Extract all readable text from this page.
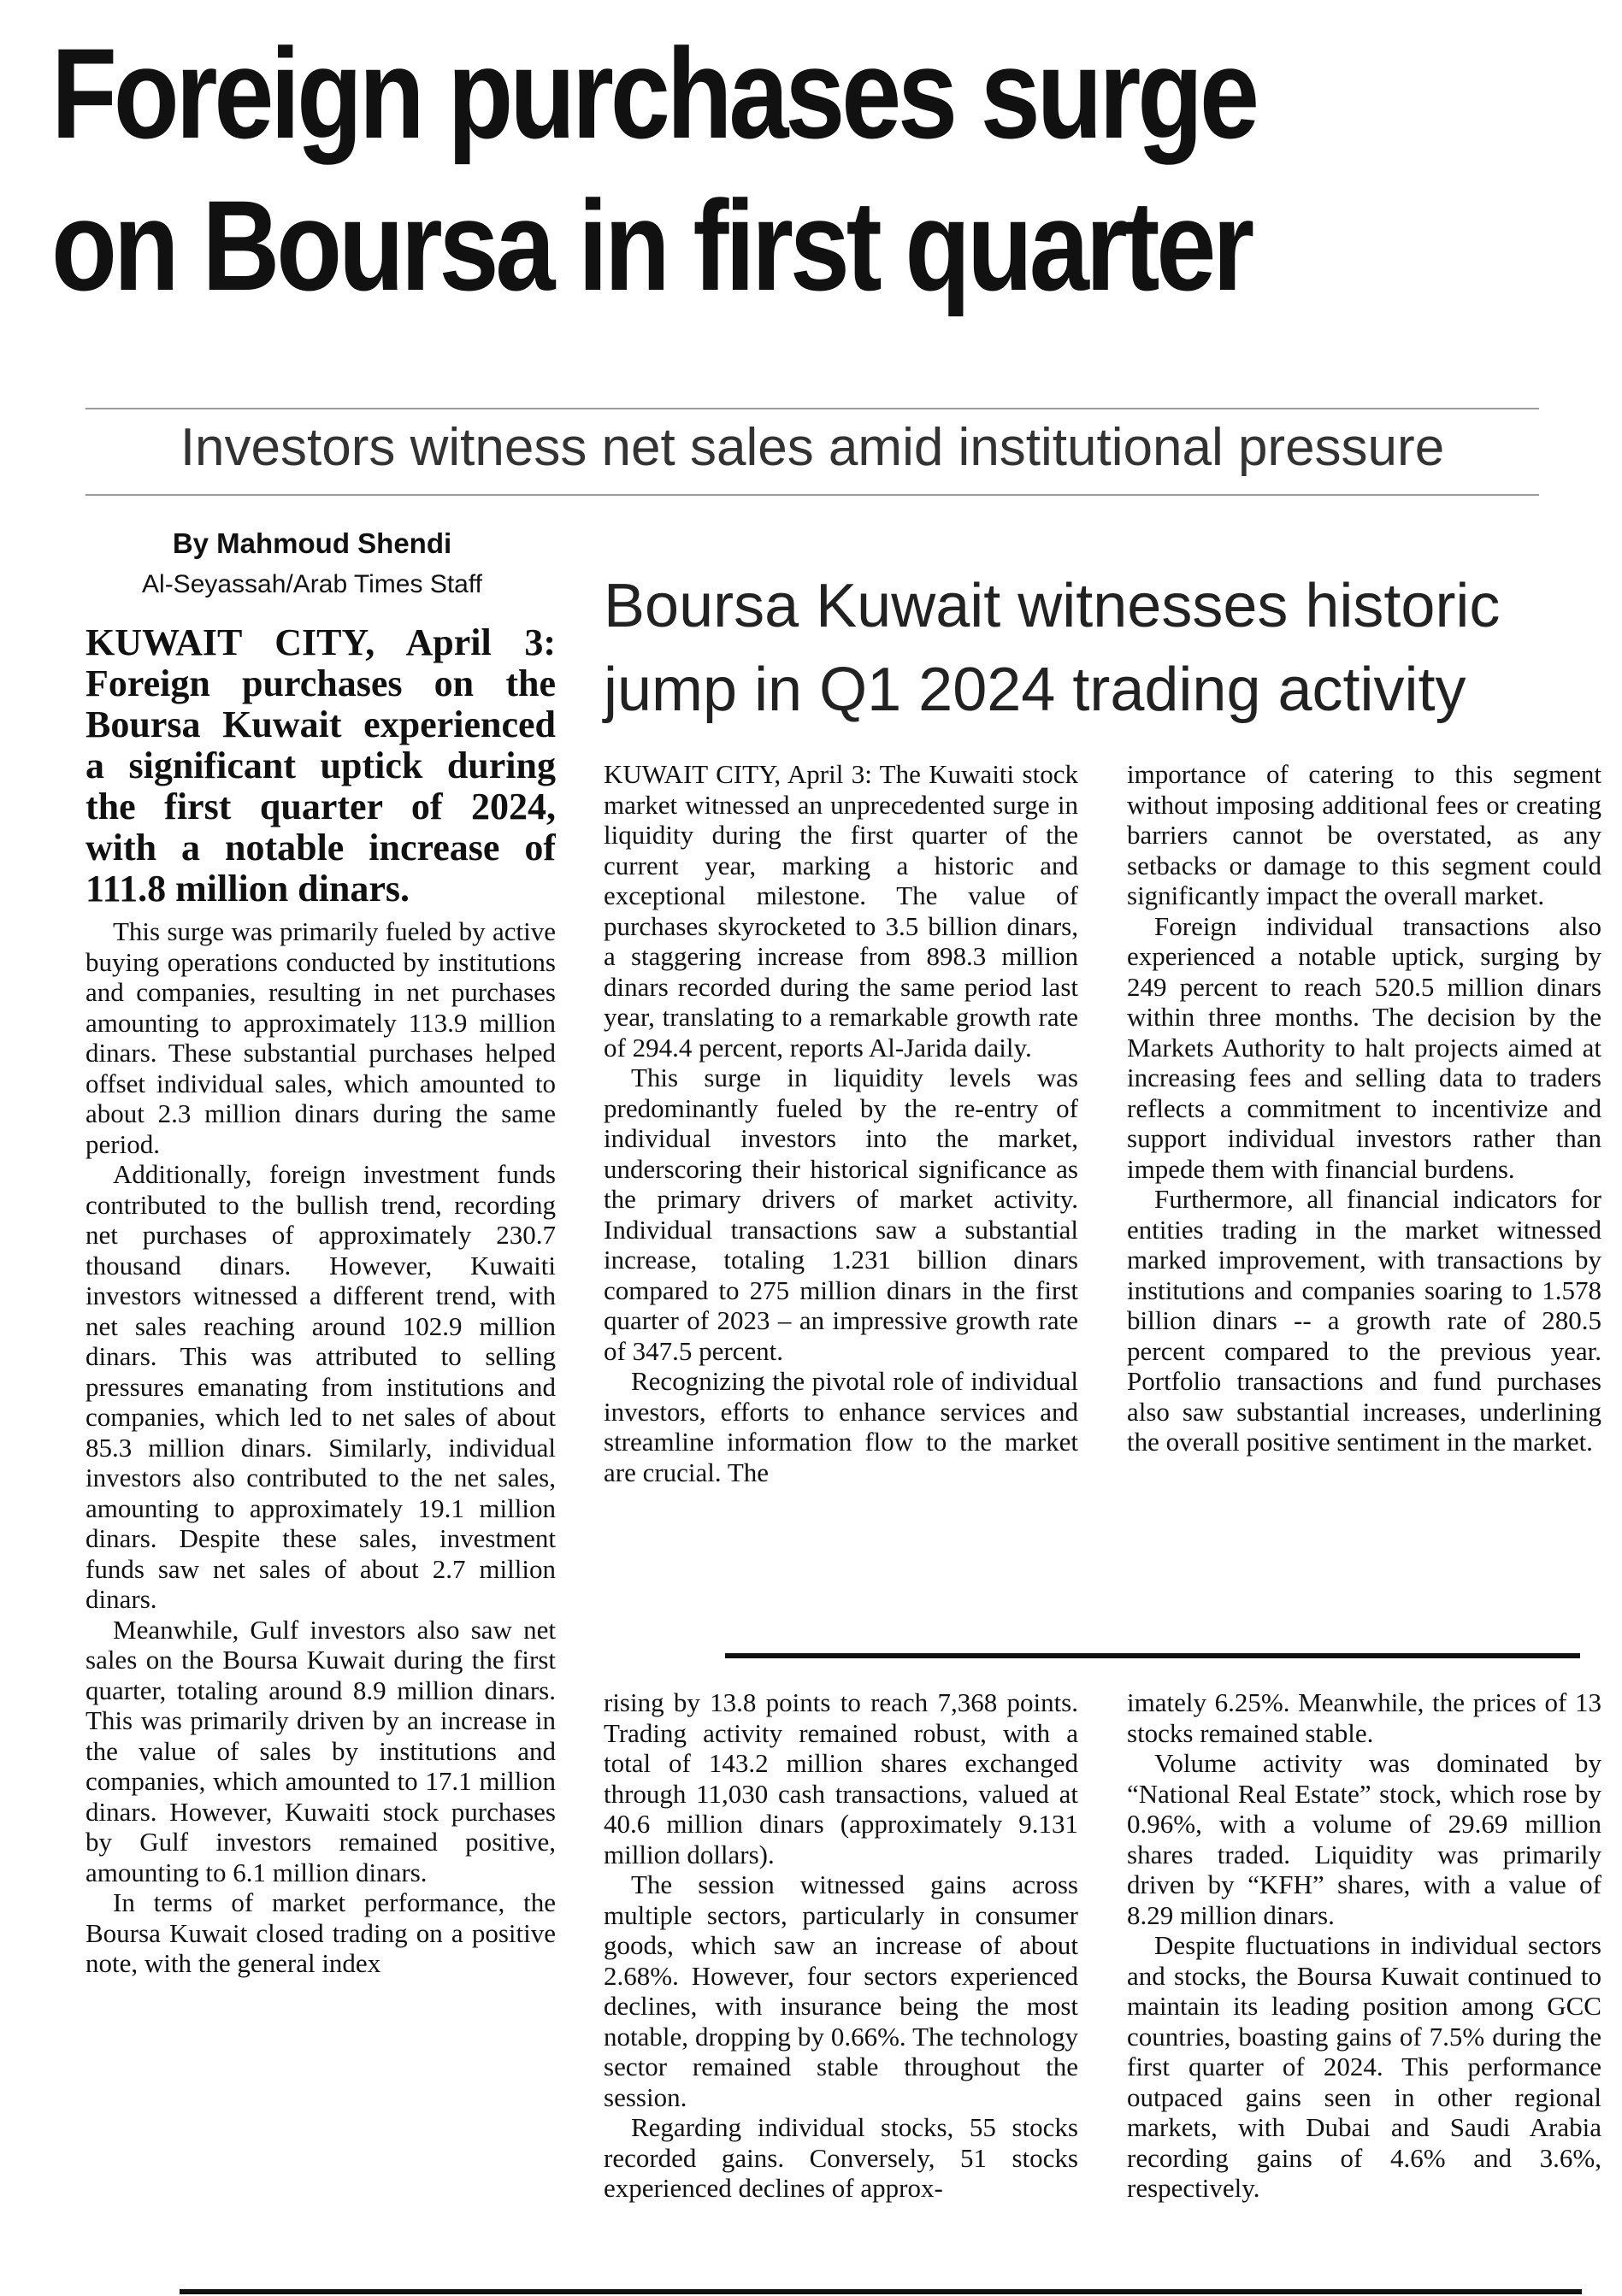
Foreign purchases surge
on Boursa in first quarter
Investors witness net sales amid institutional pressure
By Mahmoud Shendi
Al-Seyassah/Arab Times Staff

KUWAIT CITY, April 3: Foreign purchases on the Boursa Kuwait experienced a significant uptick during the first quarter of 2024, with a notable increase of 111.8 million dinars.

This surge was primarily fueled by active buying operations conducted by institutions and companies, resulting in net purchases amounting to approximately 113.9 million dinars. These substantial purchases helped offset individual sales, which amounted to about 2.3 million dinars during the same period.

Additionally, foreign investment funds contributed to the bullish trend, recording net purchases of approximately 230.7 thousand dinars. However, Kuwaiti investors witnessed a different trend, with net sales reaching around 102.9 million dinars. This was attributed to selling pressures emanating from institutions and companies, which led to net sales of about 85.3 million dinars. Similarly, individual investors also contributed to the net sales, amounting to approximately 19.1 million dinars. Despite these sales, investment funds saw net sales of about 2.7 million dinars.

Meanwhile, Gulf investors also saw net sales on the Boursa Kuwait during the first quarter, totaling around 8.9 million dinars. This was primarily driven by an increase in the value of sales by institutions and companies, which amounted to 17.1 million dinars. However, Kuwaiti stock purchases by Gulf investors remained positive, amounting to 6.1 million dinars.

In terms of market performance, the Boursa Kuwait closed trading on a positive note, with the general index

Boursa Kuwait witnesses historic jump in Q1 2024 trading activity

KUWAIT CITY, April 3: The Kuwaiti stock market witnessed an unprecedented surge in liquidity during the first quarter of the current year, marking a historic and exceptional milestone. The value of purchases skyrocketed to 3.5 billion dinars, a staggering increase from 898.3 million dinars recorded during the same period last year, translating to a remarkable growth rate of 294.4 percent, reports Al-Jarida daily.

This surge in liquidity levels was predominantly fueled by the re-entry of individual investors into the market, underscoring their historical significance as the primary drivers of market activity. Individual transactions saw a substantial increase, totaling 1.231 billion dinars compared to 275 million dinars in the first quarter of 2023 – an impressive growth rate of 347.5 percent.

Recognizing the pivotal role of individual investors, efforts to enhance services and streamline information flow to the market are crucial. The

importance of catering to this segment without imposing additional fees or creating barriers cannot be overstated, as any setbacks or damage to this segment could significantly impact the overall market.

Foreign individual transactions also experienced a notable uptick, surging by 249 percent to reach 520.5 million dinars within three months. The decision by the Markets Authority to halt projects aimed at increasing fees and selling data to traders reflects a commitment to incentivize and support individual investors rather than impede them with financial burdens.

Furthermore, all financial indicators for entities trading in the market witnessed marked improvement, with transactions by institutions and companies soaring to 1.578 billion dinars -- a growth rate of 280.5 percent compared to the previous year. Portfolio transactions and fund purchases also saw substantial increases, underlining the overall positive sentiment in the market.

rising by 13.8 points to reach 7,368 points. Trading activity remained robust, with a total of 143.2 million shares exchanged through 11,030 cash transactions, valued at 40.6 million dinars (approximately 9.131 million dollars).

The session witnessed gains across multiple sectors, particularly in consumer goods, which saw an increase of about 2.68%. However, four sectors experienced declines, with insurance being the most notable, dropping by 0.66%. The technology sector remained stable throughout the session.

Regarding individual stocks, 55 stocks recorded gains. Conversely, 51 stocks experienced declines of approx-

imately 6.25%. Meanwhile, the prices of 13 stocks remained stable.

Volume activity was dominated by “National Real Estate” stock, which rose by 0.96%, with a volume of 29.69 million shares traded. Liquidity was primarily driven by “KFH” shares, with a value of 8.29 million dinars.

Despite fluctuations in individual sectors and stocks, the Boursa Kuwait continued to maintain its leading position among GCC countries, boasting gains of 7.5% during the first quarter of 2024. This performance outpaced gains seen in other regional markets, with Dubai and Saudi Arabia recording gains of 4.6% and 3.6%, respectively.
